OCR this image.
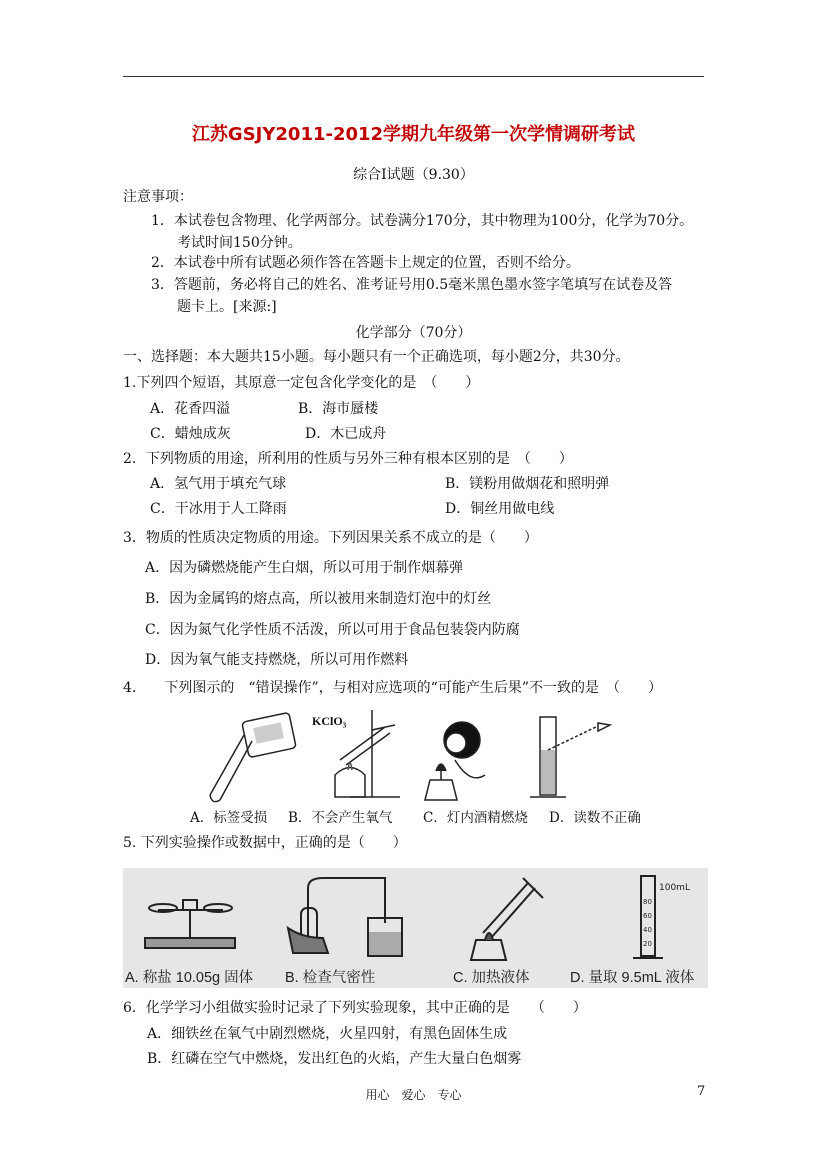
江苏GSJY2011-2012学期九年级第一次学情调研考试
综合Ⅰ试题（9.30）
注意事项：
1．本试卷包含物理、化学两部分。试卷满分170分，其中物理为100分，化学为70分。
考试时间150分钟。
2．本试卷中所有试题必须作答在答题卡上规定的位置，否则不给分。
3．答题前，务必将自己的姓名、准考证号用0.5毫米黑色墨水签字笔填写在试卷及答
题卡上。[来源:]
化学部分（70分）
一、选择题：本大题共15小题。每小题只有一个正确选项，每小题2分，共30分。
1.下列四个短语，其原意一定包含化学变化的是　（　　）
A．花香四溢	B．海市蜃楼
C．蜡烛成灰	D．木已成舟
2．下列物质的用途，所利用的性质与另外三种有根本区别的是　（　　）
A．氢气用于填充气球	B．镁粉用做烟花和照明弹
C．干冰用于人工降雨	D．铜丝用做电线
3．物质的性质决定物质的用途。下列因果关系不成立的是（　　）
A．因为磷燃烧能产生白烟，所以可用于制作烟幕弹
B．因为金属钨的熔点高，所以被用来制造灯泡中的灯丝
C．因为氮气化学性质不活泼，所以可用于食品包装袋内防腐
D．因为氧气能支持燃烧，所以可用作燃料
4.　　下列图示的　“错误操作”，与相对应选项的“可能产生后果”不一致的是　（　　）
KClO₃
A．标签受损 B．不会产生氧气 C．灯内酒精燃烧 D．读数不正确
5. 下列实验操作或数据中，正确的是（　　）
100mL
80
60
40
20
A. 称盐 10.05g 固体 B. 检查气密性	C. 加热液体	D. 量取 9.5mL 液体
6．化学学习小组做实验时记录了下列实验现象，其中正确的是　　（　　）
A．细铁丝在氧气中剧烈燃烧，火星四射，有黑色固体生成
B．红磷在空气中燃烧，发出红色的火焰，产生大量白色烟雾
用心　爱心　专心	7
